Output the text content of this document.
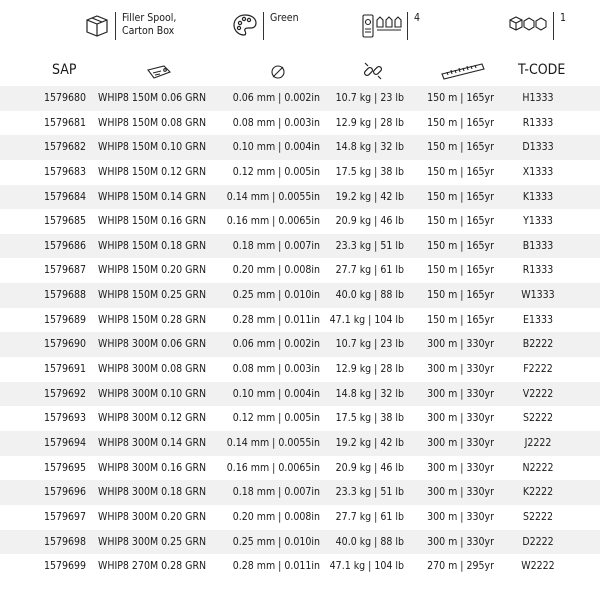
Filler Spool,
Carton Box
Green	4	1
SAP	T-CODE
1579680	WHIP8 150M 0.06 GRN	0.06 mm | 0.002in	10.7 kg | 23 lb	150 m | 165yr	H1333
1579681	WHIP8 150M 0.08 GRN	0.08 mm | 0.003in	12.9 kg | 28 lb	150 m | 165yr	R1333
1579682	WHIP8 150M 0.10 GRN	0.10 mm | 0.004in	14.8 kg | 32 lb	150 m | 165yr	D1333
1579683	WHIP8 150M 0.12 GRN	0.12 mm | 0.005in	17.5 kg | 38 lb	150 m | 165yr	X1333
1579684	WHIP8 150M 0.14 GRN	0.14 mm | 0.0055in	19.2 kg | 42 lb	150 m | 165yr	K1333
1579685	WHIP8 150M 0.16 GRN	0.16 mm | 0.0065in	20.9 kg | 46 lb	150 m | 165yr	Y1333
1579686	WHIP8 150M 0.18 GRN	0.18 mm | 0.007in	23.3 kg | 51 lb	150 m | 165yr	B1333
1579687	WHIP8 150M 0.20 GRN	0.20 mm | 0.008in	27.7 kg | 61 lb	150 m | 165yr	R1333
1579688	WHIP8 150M 0.25 GRN	0.25 mm | 0.010in	40.0 kg | 88 lb	150 m | 165yr	W1333
1579689	WHIP8 150M 0.28 GRN	0.28 mm | 0.011in 47.1 kg | 104 lb	150 m | 165yr	E1333
1579690	WHIP8 300M 0.06 GRN	0.06 mm | 0.002in	10.7 kg | 23 lb	300 m | 330yr	B2222
1579691	WHIP8 300M 0.08 GRN	0.08 mm | 0.003in	12.9 kg | 28 lb	300 m | 330yr	F2222
1579692	WHIP8 300M 0.10 GRN	0.10 mm | 0.004in	14.8 kg | 32 lb	300 m | 330yr	V2222
1579693	WHIP8 300M 0.12 GRN	0.12 mm | 0.005in	17.5 kg | 38 lb	300 m | 330yr	S2222
1579694	WHIP8 300M 0.14 GRN	0.14 mm | 0.0055in	19.2 kg | 42 lb	300 m | 330yr	J2222
1579695	WHIP8 300M 0.16 GRN	0.16 mm | 0.0065in	20.9 kg | 46 lb	300 m | 330yr	N2222
1579696	WHIP8 300M 0.18 GRN	0.18 mm | 0.007in	23.3 kg | 51 lb	300 m | 330yr	K2222
1579697	WHIP8 300M 0.20 GRN	0.20 mm | 0.008in	27.7 kg | 61 lb	300 m | 330yr	S2222
1579698	WHIP8 300M 0.25 GRN	0.25 mm | 0.010in	40.0 kg | 88 lb	300 m | 330yr	D2222
1579699	WHIP8 270M 0.28 GRN	0.28 mm | 0.011in 47.1 kg | 104 lb	270 m | 295yr	W2222
